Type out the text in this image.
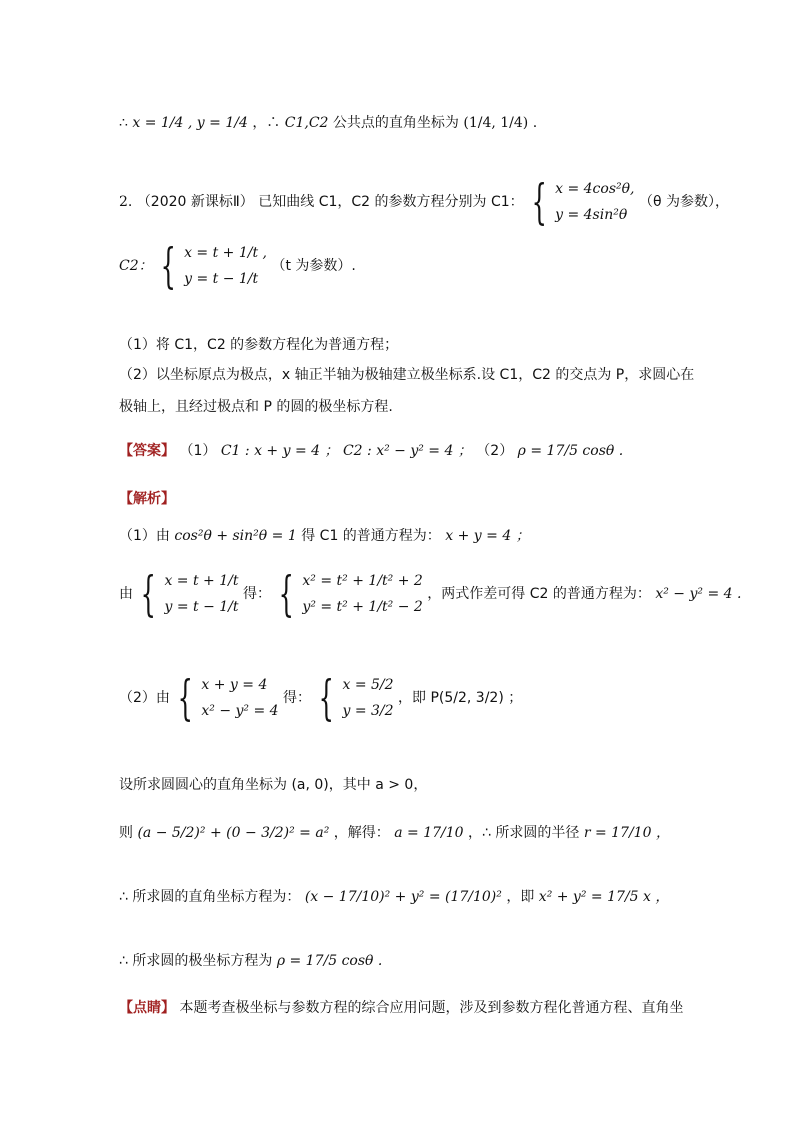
∴ x = 1/4 , y = 1/4 ，∴ C1,C2 公共点的直角坐标为 (1/4, 1/4) .
2. （2020 新课标Ⅱ） 已知曲线 C1，C2 的参数方程分别为 C1： { x = 4cos²θ,
y = 4sin²θ
（θ 为参数），
C2： { x = t + 1/t ,
y = t − 1/t
（t 为参数）.
（1）将 C1，C2 的参数方程化为普通方程；
（2）以坐标原点为极点，x 轴正半轴为极轴建立极坐标系.设 C1，C2 的交点为 P，求圆心在
极轴上，且经过极点和 P 的圆的极坐标方程.
【答案】 （1） C1 : x + y = 4 ； C2 : x² − y² = 4 ； （2） ρ = 17/5 cosθ .
【解析】
（1）由 cos²θ + sin²θ = 1 得 C1 的普通方程为： x + y = 4 ；
由 { x = t + 1/t
y = t − 1/t
得： { x² = t² + 1/t² + 2
y² = t² + 1/t² − 2
，两式作差可得 C2 的普通方程为： x² − y² = 4 .
（2）由 { x + y = 4
x² − y² = 4
得： { x = 5/2
y = 3/2
，即 P(5/2, 3/2) ；
设所求圆圆心的直角坐标为 (a, 0)，其中 a > 0，
则 (a − 5/2)² + (0 − 3/2)² = a² ，解得： a = 17/10 ，∴ 所求圆的半径 r = 17/10 ，
∴ 所求圆的直角坐标方程为： (x − 17/10)² + y² = (17/10)² ，即 x² + y² = 17/5 x ，
∴ 所求圆的极坐标方程为 ρ = 17/5 cosθ .
【点睛】 本题考查极坐标与参数方程的综合应用问题，涉及到参数方程化普通方程、直角坐
